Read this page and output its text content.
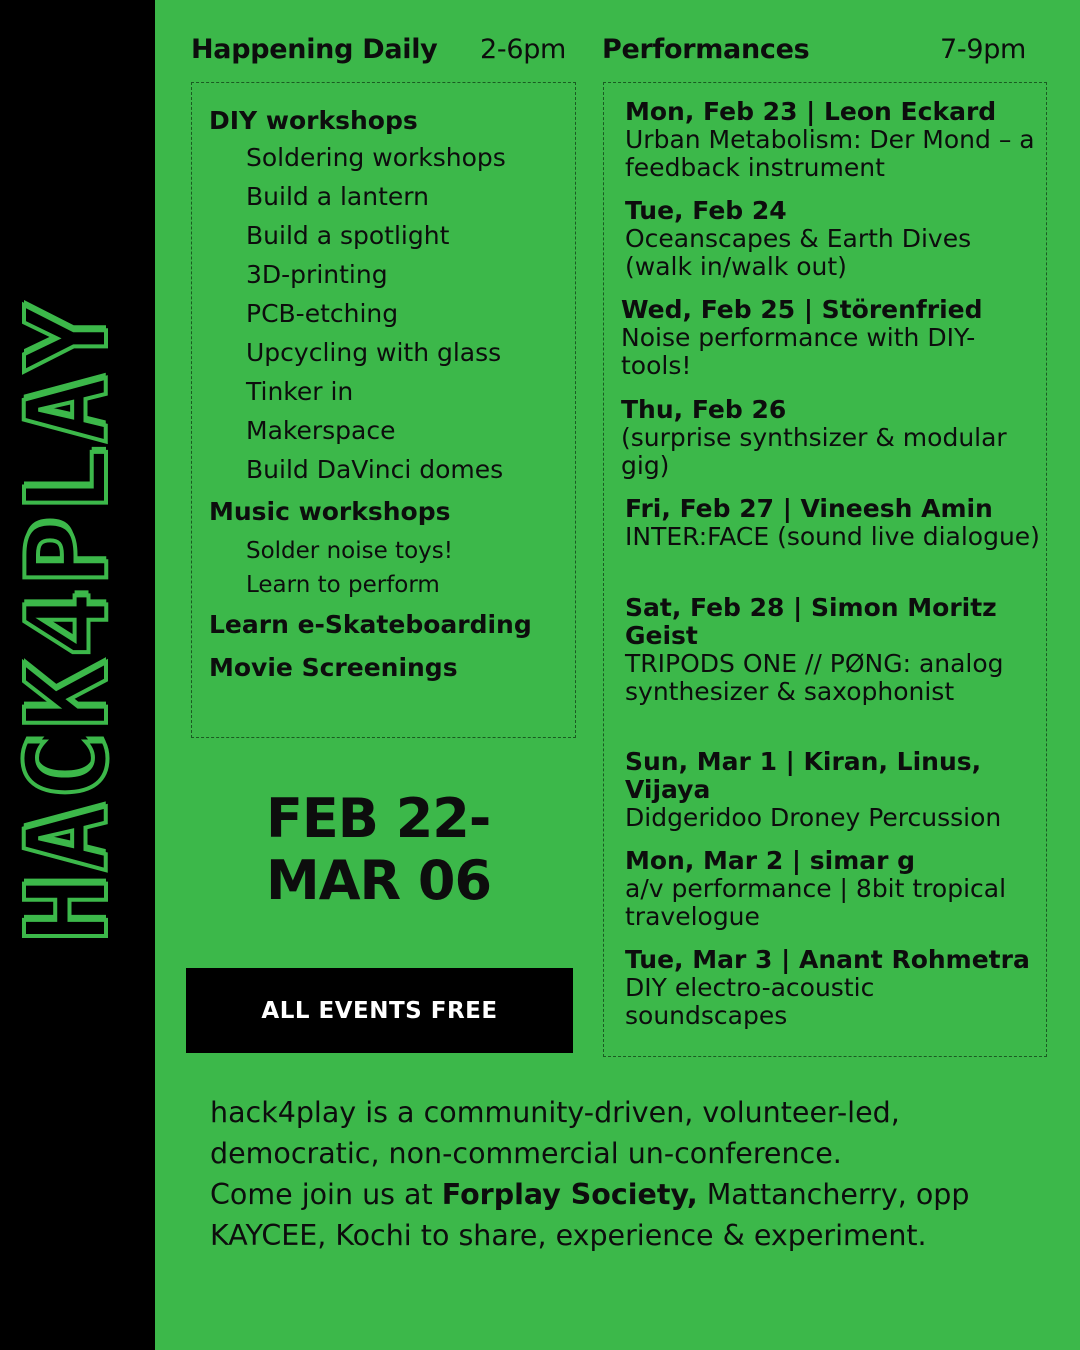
HACK4PLAY
Happening Daily 2-6pm Performances	7-9pm
DIY workshops
Soldering workshops
Build a lantern
Build a spotlight
3D-printing
PCB-etching
Upcycling with glass
Tinker in
Makerspace
Build DaVinci domes
Music workshops
Solder noise toys!
Learn to perform
Learn e-Skateboarding
Movie Screenings
Mon, Feb 23 | Leon Eckard
Urban Metabolism: Der Mond – a feedback instrument
Tue, Feb 24
Oceanscapes & Earth Dives (walk in/walk out)
Wed, Feb 25 | Störenfried
Noise performance with DIY-tools!
Thu, Feb 26
(surprise synthsizer & modular gig)
Fri, Feb 27 | Vineesh Amin
INTER:FACE (sound live dialogue)
Sat, Feb 28 | Simon Moritz Geist
TRIPODS ONE // PØNG: analog synthesizer & saxophonist
Sun, Mar 1 | Kiran, Linus, Vijaya
Didgeridoo Droney Percussion
Mon, Mar 2 | simar g
a/v performance | 8bit tropical travelogue
Tue, Mar 3 | Anant Rohmetra
DIY electro-acoustic soundscapes
FEB 22-
MAR 06
ALL EVENTS FREE

hack4play is a community-driven, volunteer-led,

democratic, non-commercial un-conference.

Come join us at Forplay Society, Mattancherry, opp

KAYCEE, Kochi to share, experience & experiment.
